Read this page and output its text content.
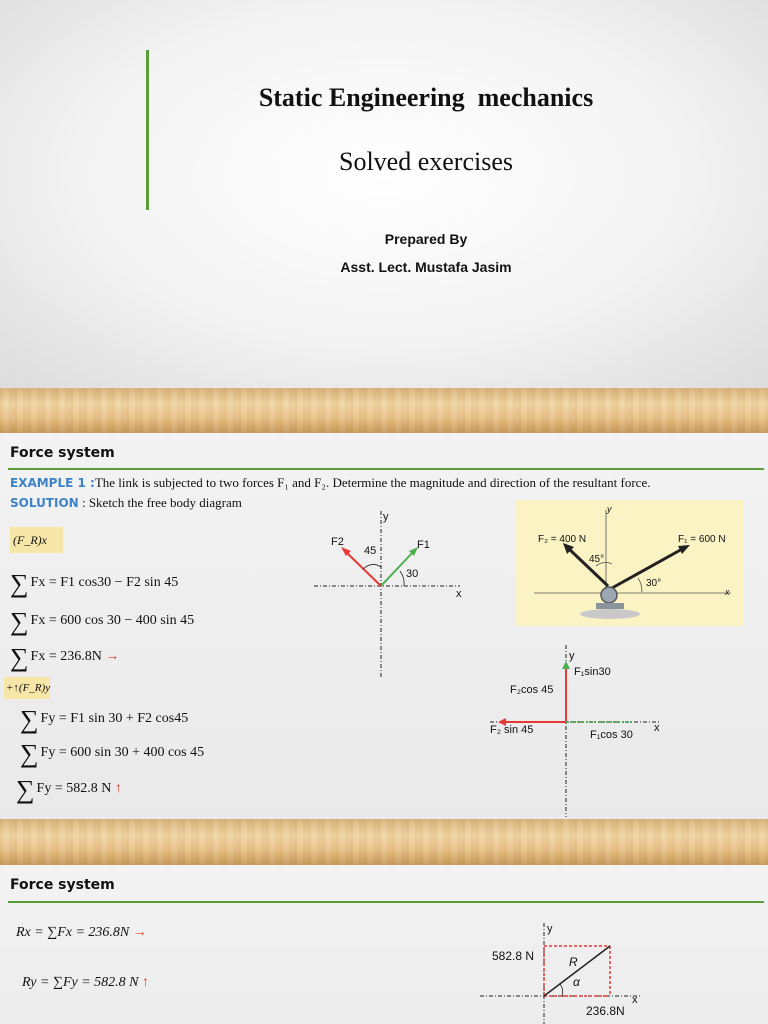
Static Engineering  mechanics
Solved exercises
Prepared By
Asst. Lect. Mustafa Jasim
Force system
EXAMPLE 1 :The link is subjected to two forces F₁ and F₂. Determine the magnitude and direction of the resultant force.
SOLUTION : Sketch the free body diagram
(F_R)x
∑ Fx = F1 cos30 − F2 sin 45
∑ Fx = 600 cos 30 − 400 sin 45
∑ Fx = 236.8N →
+↑(F_R)y
∑ Fy = F1 sin 30 + F2 cos45
∑ Fy = 600 sin 30 + 400 cos 45
∑ Fy = 582.8 N ↑
y
x
F2	F1
45
30
F₂ = 400 N	F₁ = 600 N
45°
30°
y
x
y
x
F₁sin30
F₂cos 45
F₂ sin 45	F₁cos 30
Force system
Rx = ∑Fx = 236.8N →
Ry = ∑Fy = 582.8 N ↑
y
x
582.8 N	R
α
236.8N
